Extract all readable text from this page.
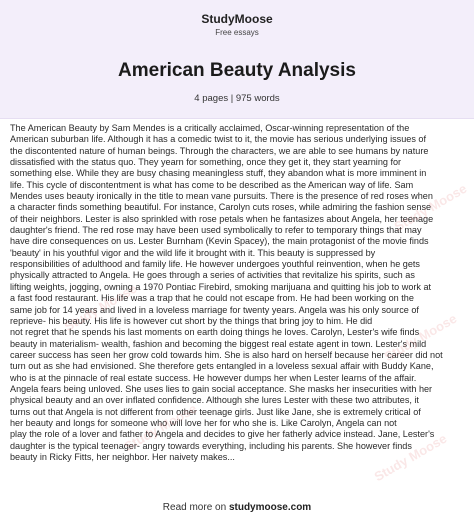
StudyMoose
Free essays
American Beauty Analysis
4 pages | 975 words
The American Beauty by Sam Mendes is a critically acclaimed, Oscar-winning representation of the
American suburban life. Although it has a comedic twist to it, the movie has serious underlying issues of
the discontented nature of human beings. Through the characters, we are able to see humans by nature
dissatisfied with the status quo. They yearn for something, once they get it, they start yearning for
something else. While they are busy chasing meaningless stuff, they abandon what is more imminent in
life. This cycle of discontentment is what has come to be described as the American way of life. Sam
Mendes uses beauty ironically in the title to mean vane pursuits. There is the presence of red roses when
a character finds something beautiful. For instance, Carolyn cuts roses, while admiring the fashion sense
of their neighbors. Lester is also sprinkled with rose petals when he fantasizes about Angela, her teenage
daughter's friend. The red rose may have been used symbolically to refer to temporary things that may
have dire consequences on us. Lester Burnham (Kevin Spacey), the main protagonist of the movie finds
'beauty' in his youthful vigor and the wild life it brought with it. This beauty is suppressed by
responsibilities of adulthood and family life. He however undergoes youthful reinvention, when he gets
physically attracted to Angela. He goes through a series of activities that revitalize his spirits, such as
lifting weights, jogging, owning a 1970 Pontiac Firebird, smoking marijuana and quitting his job to work at
a fast food restaurant. His life was a trap that he could not escape from. He had been working on the
same job for 14 years and lived in a loveless marriage for twenty years. Angela was his only source of
reprieve- his beauty. His life is however cut short by the things that bring joy to him. He did
not regret that he spends his last moments on earth doing things he loves. Carolyn, Lester's wife finds
beauty in materialism- wealth, fashion and becoming the biggest real estate agent in town. Lester's mild
career success has seen her grow cold towards him. She is also hard on herself because her career did not
turn out as she had envisioned. She therefore gets entangled in a loveless sexual affair with Buddy Kane,
who is at the pinnacle of real estate success. He however dumps her when Lester learns of the affair.
Angela fears being unloved. She uses lies to gain social acceptance. She masks her insecurities with her
physical beauty and an over inflated confidence. Although she lures Lester with these two attributes, it
turns out that Angela is not different from other teenage girls. Just like Jane, she is extremely critical of
her beauty and longs for someone who will love her for who she is. Like Carolyn, Angela can not
play the role of a lover and father to Angela and decides to give her fatherly advice instead. Jane, Lester's
daughter is the typical teenager- angry towards everything, including his parents. She however finds
beauty in Ricky Fitts, her neighbor. Her naivety makes...
Read more on studymoose.com
Study Moose
Study Moose
Study Moose
Study Moose
Study Moose
